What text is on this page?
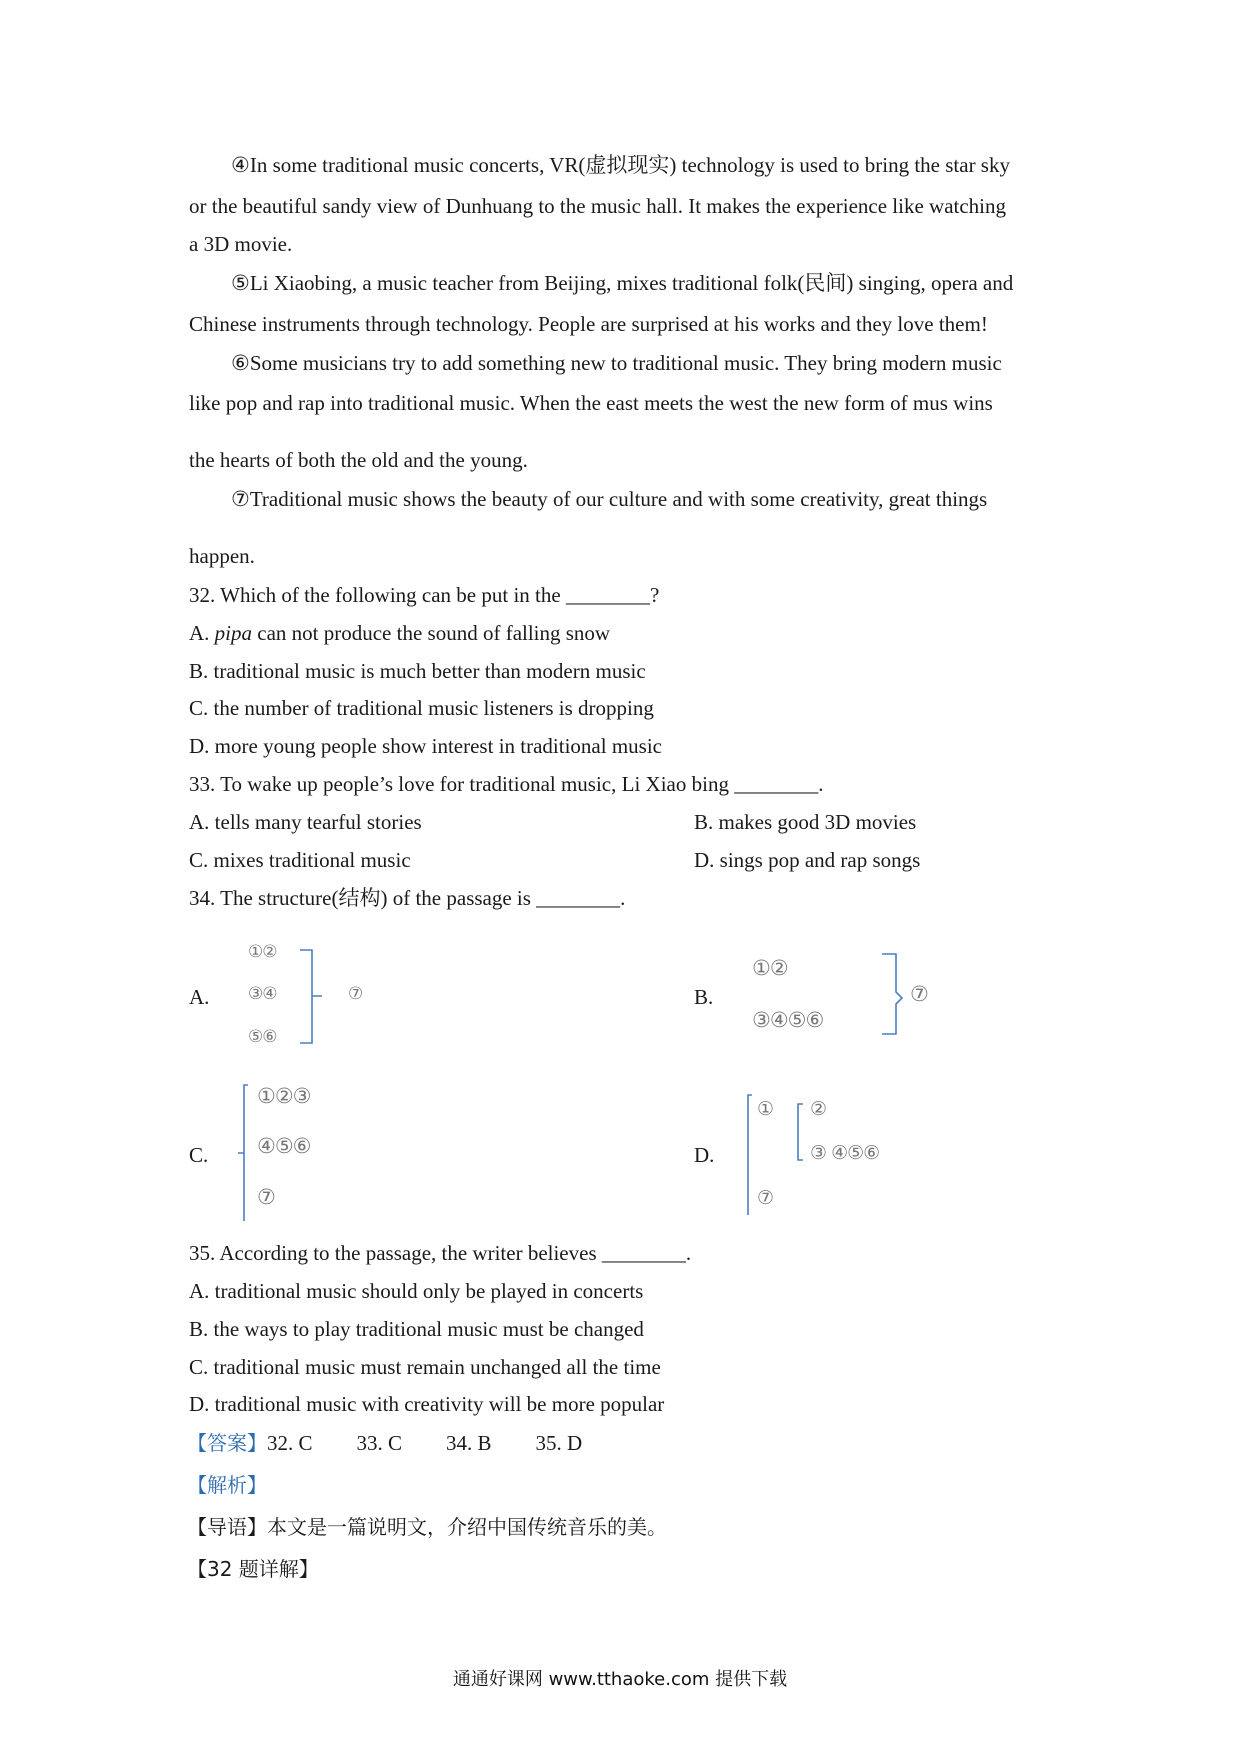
④In some traditional music concerts, VR(虚拟现实) technology is used to bring the star sky
or the beautiful sandy view of Dunhuang to the music hall. It makes the experience like watching
a 3D movie.
⑤Li Xiaobing, a music teacher from Beijing, mixes traditional folk(民间) singing, opera and
Chinese instruments through technology. People are surprised at his works and they love them!
⑥Some musicians try to add something new to traditional music. They bring modern music
like pop and rap into traditional music. When the east meets the west the new form of mus wins
the hearts of both the old and the young.
⑦Traditional music shows the beauty of our culture and with some creativity, great things
happen.
32. Which of the following can be put in the ________?
A. pipa can not produce the sound of falling snow
B. traditional music is much better than modern music
C. the number of traditional music listeners is dropping
D. more young people show interest in traditional music
33. To wake up people’s love for traditional music, Li Xiao bing ________.
A. tells many tearful stories	B. makes good 3D movies
C. mixes traditional music	D. sings pop and rap songs
34. The structure(结构) of the passage is ________.
A.
①②
③④
⑤⑥
⑦	B.
①②
③④⑤⑥
⑦
C.
①②③
④⑤⑥
⑦
D.
① ②
③ ④⑤⑥
⑦
35. According to the passage, the writer believes ________.
A. traditional music should only be played in concerts
B. the ways to play traditional music must be changed
C. traditional music must remain unchanged all the time
D. traditional music with creativity will be more popular
【答案】32. C 33. C 34. B 35. D
【解析】
【导语】本文是一篇说明文，介绍中国传统音乐的美。
【32 题详解】
通通好课网 www.tthaoke.com 提供下载
